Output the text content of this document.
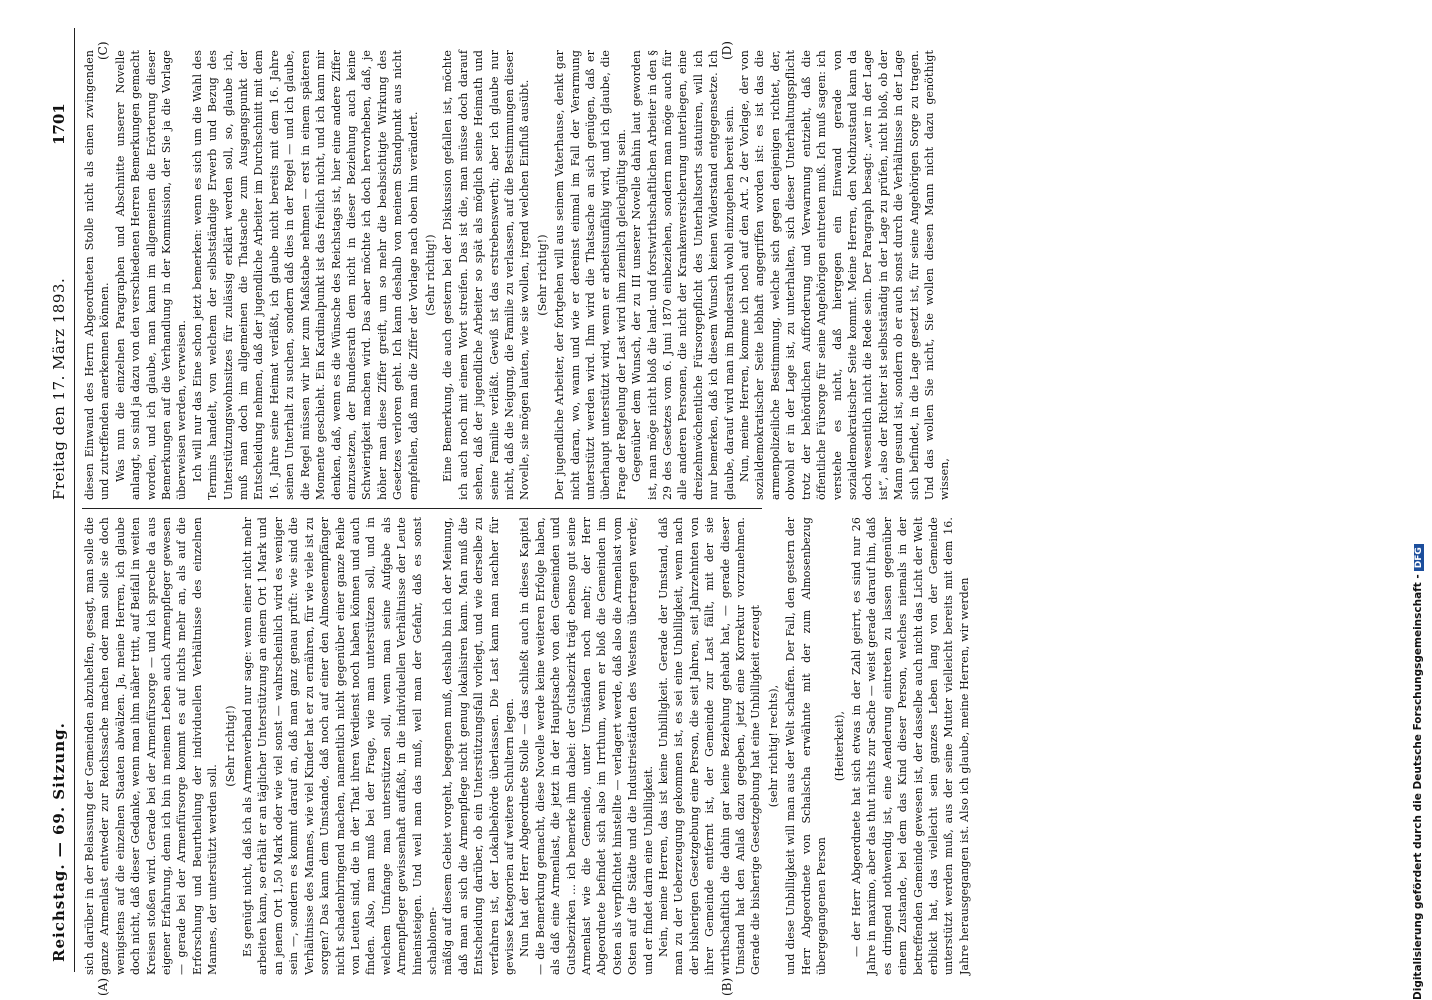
Reichstag. — 69. Sitzung.
Freitag den 17. März 1893.
1701

sich darüber in der Belassung der Gemeinden abzuhelfen, gesagt, man solle die ganze Armenlast entweder zur Reichssache machen oder man solle sie doch wenigstens auf die einzelnen Staaten abwälzen. Ja, meine Herren, ich glaube doch nicht, daß dieser Gedanke, wenn man ihm näher tritt, auf Beifall in weiten Kreisen stoßen wird. Gerade bei der Armenfürsorge — und ich spreche da aus eigener Erfahrung, denn ich bin in meinem Leben auch Armenpfleger gewesen — gerade bei der Armenfürsorge kommt es auf nichts mehr an, als auf die Erforschung und Beurtheilung der individuellen Verhältnisse des einzelnen Mannes, der unterstützt werden soll.

(Sehr richtig!) Es genügt nicht, daß ich als Armenverband nur sage: wenn einer nicht mehr arbeiten kann, so erhält er an täglicher Unterstützung an einem Ort 1 Mark und an jenem Ort 1,50 Mark oder wie viel sonst — wahrscheinlich wird es weniger sein —, sondern es kommt darauf an, daß man ganz genau prüft: wie sind die Verhältnisse des Mannes, wie viel Kinder hat er zu ernähren, für wie viele ist zu sorgen? Das kann dem Umstande, daß noch auf einer den Almosenempfänger nicht schadenbringend machen, namentlich nicht gegenüber einer ganze Reihe von Leuten sind, die in der That ihren Verdienst noch haben können und auch finden. Also, man muß bei der Frage, wie man unterstützen soll, und in welchem Umfange man unterstützen soll, wenn man seine Aufgabe als Armenpfleger gewissenhaft auffaßt, in die individuellen Verhältnisse der Leute hineinsteigen. Und weil man das muß, weil man der Gefahr, daß es sonst schablonen- mäßig auf diesem Gebiet vorgeht, begegnen muß, deshalb bin ich der Meinung, daß man an sich die Armenpflege nicht genug lokalisiren kann. Man muß die Entscheidung darüber, ob ein Unterstützungsfall vorliegt, und wie derselbe zu verfahren ist, der Lokalbehörde überlassen. Die Last kann man nachher für gewisse Kategorien auf weitere Schultern legen. Nun hat der Herr Abgeordnete Stolle — das schließt auch in dieses Kapitel — die Bemerkung gemacht, diese Novelle werde keine weiteren Erfolge haben, als daß eine Armenlast, die jetzt in der Hauptsache von den Gemeinden und Gutsbezirken ... ich bemerke ihm dabei: der Gutsbezirk trägt ebenso gut seine Armenlast wie die Gemeinde, unter Umständen noch mehr; der Herr Abgeordnete befindet sich also im Irrthum, wenn er bloß die Gemeinden im Osten als verpflichtet hinstellte — verlagert werde, daß also die Armenlast vom Osten auf die Städte und die Industriestädten des Westens übertragen werde; und er findet darin eine Unbilligkeit. Nein, meine Herren, das ist keine Unbilligkeit. Gerade der Umstand, daß man zu der Ueberzeugung gekommen ist, es sei eine Unbilligkeit, wenn nach der bisherigen Gesetzgebung eine Person, die seit Jahren, seit Jahrzehnten von ihrer Gemeinde entfernt ist, der Gemeinde zur Last fällt, mit der sie wirthschaftlich die dahin gar keine Beziehung gehabt hat, — gerade dieser Umstand hat den Anlaß dazu gegeben, jetzt eine Korrektur vorzunehmen. Gerade die bisherige Gesetzgebung hat eine Unbilligkeit erzeugt (sehr richtig! rechts), und diese Unbilligkeit will man aus der Welt schaffen. Der Fall, den gestern der Herr Abgeordnete von Schalscha erwähnte mit der zum Almosenbezug übergegangenen Person

(Heiterkeit), — der Herr Abgeordnete hat sich etwas in der Zahl geirrt, es sind nur 26 Jahre in maximo, aber das thut nichts zur Sache — weist gerade darauf hin, daß es dringend nothwendig ist, eine Aenderung eintreten zu lassen gegenüber einem Zustande, bei dem das Kind dieser Person, welches niemals in der betreffenden Gemeinde gewesen ist, der dasselbe auch nicht das Licht der Welt erblickt hat, das vielleicht sein ganzes Leben lang von der Gemeinde unterstützt werden muß, aus der seine Mutter vielleicht bereits mit dem 16. Jahre herausgegangen ist. Also ich glaube, meine Herren, wir werden

diesen Einwand des Herrn Abgeordneten Stolle nicht als einen zwingenden und zutreffenden anerkennen können. Was nun die einzelnen Paragraphen und Abschnitte unserer Novelle anlangt, so sind ja dazu von den verschiedenen Herren Bemerkungen gemacht worden, und ich glaube, man kann im allgemeinen die Erörterung dieser Bemerkungen auf die Verhandlung in der Kommission, der Sie ja die Vorlage überweisen werden, verweisen. Ich will nur das Eine schon jetzt bemerken: wenn es sich um die Wahl des Termins handelt, von welchem der selbstständige Erwerb und Bezug des Unterstützungswohnsitzes für zulässig erklärt werden soll, so, glaube ich, muß man doch im allgemeinen die Thatsache zum Ausgangspunkt der Entscheidung nehmen, daß der jugendliche Arbeiter im Durchschnitt mit dem 16. Jahre seine Heimat verläßt, ich glaube nicht bereits mit dem 16. Jahre seinen Unterhalt zu suchen, sondern daß dies in der Regel — und ich glaube, die Regel müssen wir hier zum Maßstabe nehmen — erst in einem späteren Momente geschieht. Ein Kardinalpunkt ist das freilich nicht, und ich kann mir denken, daß, wenn es die Wünsche des Reichstags ist, hier eine andere Ziffer einzusetzen, der Bundesrath dem nicht in dieser Beziehung auch keine Schwierigkeit machen wird. Das aber möchte ich doch hervorheben, daß, je höher man diese Ziffer greift, um so mehr die beabsichtigte Wirkung des Gesetzes verloren geht. Ich kann deshalb von meinem Standpunkt aus nicht empfehlen, daß man die Ziffer der Vorlage nach oben hin verändert. (Sehr richtig!) Eine Bemerkung, die auch gestern bei der Diskussion gefallen ist, möchte ich auch noch mit einem Wort streifen. Das ist die, man müsse doch darauf sehen, daß der jugendliche Arbeiter so spät als möglich seine Heimath und seine Familie verläßt. Gewiß ist das erstrebenswerth; aber ich glaube nur nicht, daß die Neigung, die Familie zu verlassen, auf die Bestimmungen dieser Novelle, sie mögen lauten, wie sie wollen, irgend welchen Einfluß ausübt. (Sehr richtig!) Der jugendliche Arbeiter, der fortgehen will aus seinem Vaterhause, denkt gar nicht daran, wo, wann und wie er dereinst einmal im Fall der Verarmung unterstützt werden wird. Ihm wird die Thatsache an sich genügen, daß er überhaupt unterstützt wird, wenn er arbeitsunfähig wird, und ich glaube, die Frage der Regelung der Last wird ihm ziemlich gleichgültig sein. Gegenüber dem Wunsch, der zu III unserer Novelle dahin laut geworden ist, man möge nicht bloß die land- und forstwirthschaftlichen Arbeiter in den § 29 des Gesetzes vom 6. Juni 1870 einbeziehen, sondern man möge auch für alle anderen Personen, die nicht der Krankenversicherung unterliegen, eine dreizehnwöchentliche Fürsorgepflicht des Unterhaltsorts statuiren, will ich nur bemerken, daß ich diesem Wunsch keinen Widerstand entgegensetze. Ich glaube, darauf wird man im Bundesrath wohl einzugehen bereit sein. Nun, meine Herren, komme ich noch auf den Art. 2 der Vorlage, der von sozialdemokratischer Seite lebhaft angegriffen worden ist: es ist das die armenpolizeiliche Bestimmung, welche sich gegen denjenigen richtet, der, obwohl er in der Lage ist, zu unterhalten, sich dieser Unterhaltungspflicht trotz der behördlichen Aufforderung und Verwarnung entzieht, daß die öffentliche Fürsorge für seine Angehörigen eintreten muß. Ich muß sagen: ich verstehe es nicht, daß hiergegen ein Einwand gerade von sozialdemokratischer Seite kommt. Meine Herren, den Nothzustand kann da doch wesentlich nicht die Rede sein. Der Paragraph besagt: „wer in der Lage ist“, also der Richter ist selbstständig in der Lage zu prüfen, nicht bloß, ob der Mann gesund ist, sondern ob er auch sonst durch die Verhältnisse in der Lage sich befindet, in die Lage gesetzt ist, für seine Angehörigen Sorge zu tragen. Und das wollen Sie nicht, Sie wollen diesen Mann nicht dazu genöthigt wissen,

(A)	(B)
(C)	(D)
Digitalisierung gefördert durch die Deutsche Forschungsgemeinschaft -DFG
